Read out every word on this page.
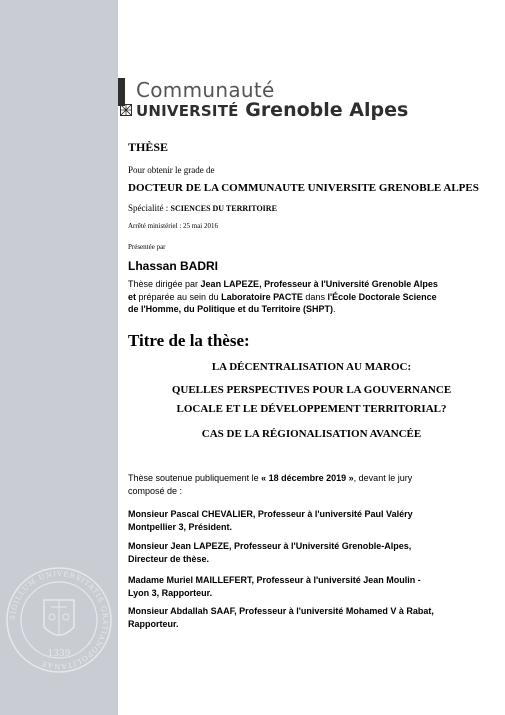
SIGILLUM UNIVERSITATIS GRATIANOPOLITANAE
1339
Communauté
UNIVERSITÉ Grenoble Alpes
THÈSE
Pour obtenir le grade de
DOCTEUR DE LA COMMUNAUTE UNIVERSITE GRENOBLE ALPES
Spécialité : SCIENCES DU TERRITOIRE
Arrêté ministériel : 25 mai 2016
Présentée par
Lhassan BADRI
Thèse dirigée par Jean LAPEZE, Professeur à l'Université Grenoble Alpes
et préparée au sein du Laboratoire PACTE dans l'École Doctorale Science
de l'Homme, du Politique et du Territoire (SHPT).
Titre de la thèse:
LA DÉCENTRALISATION AU MAROC:
QUELLES PERSPECTIVES POUR LA GOUVERNANCE
LOCALE ET LE DÉVELOPPEMENT TERRITORIAL?
CAS DE LA RÉGIONALISATION AVANCÉE
Thèse soutenue publiquement le « 18 décembre 2019 », devant le jury
composé de :
Monsieur Pascal CHEVALIER, Professeur à l'université Paul Valéry
Montpellier 3, Président.
Monsieur Jean LAPEZE, Professeur à l'Université Grenoble-Alpes,
Directeur de thèse.
Madame Muriel MAILLEFERT, Professeur à l'université Jean Moulin -
Lyon 3, Rapporteur.
Monsieur Abdallah SAAF, Professeur à l'université Mohamed V à Rabat,
Rapporteur.
